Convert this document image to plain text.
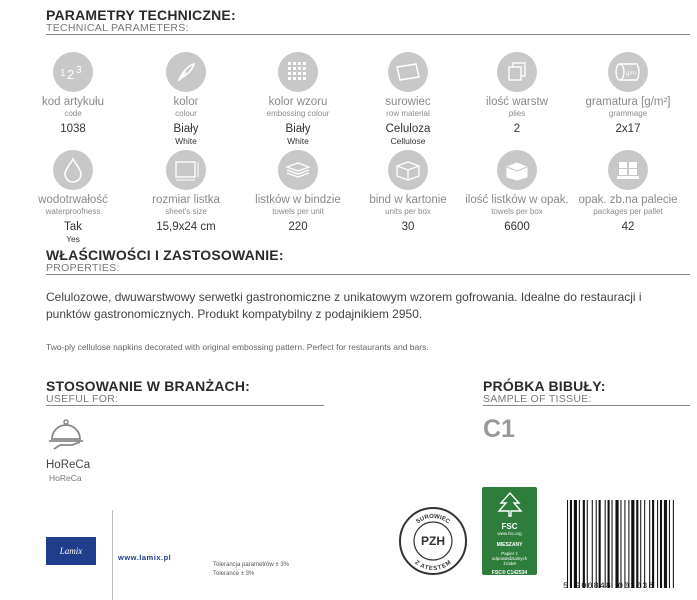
PARAMETRY TECHNICZNE:
TECHNICAL PARAMETERS:
1 2 3
kod artykułu
code
1038
kolor
colour
Biały
White
kolor wzoru
embossing colour
Biały
White
surowiec
row material
Celuloza
Cellulose
ilość warstw
plies
2
g/m
gramatura [g/m²]
grammage
2x17
wodotrwałość
waterproofness
Tak
Yes
rozmiar listka
sheet's size
15,9x24 cm
listków w bindzie
towels per unit
220
bind w kartonie
units per box
30
ilość listków w opak.
towels per box
6600
opak. zb.na palecie
packages per pallet
42
WŁAŚCIWOŚCI I ZASTOSOWANIE:
PROPERTIES:
Celulozowe, dwuwarstwowy serwetki gastronomiczne z unikatowym wzorem gofrowania. Idealne do restauracji i punktów gastronomicznych. Produkt kompatybilny z podajnikiem 2950.
Two-ply cellulose napkins decorated with original embossing pattern. Perfect for restaurants and bars.
STOSOWANIE W BRANŻACH:
USEFUL FOR:
HoReCa
HoReCa
PRÓBKA BIBUŁY:
SAMPLE OF TISSUE:
C1
Lamix
www.lamix.pl
Tolerancja parametrów ± 3%
Tolerance ± 3%
SUROWIEC
Z ATESTEM
PZH
FSC
www.fsc.org
MIESZANY
Papier z odpowiedzialnych źródeł
FSC® C142534
5 900848 001038
